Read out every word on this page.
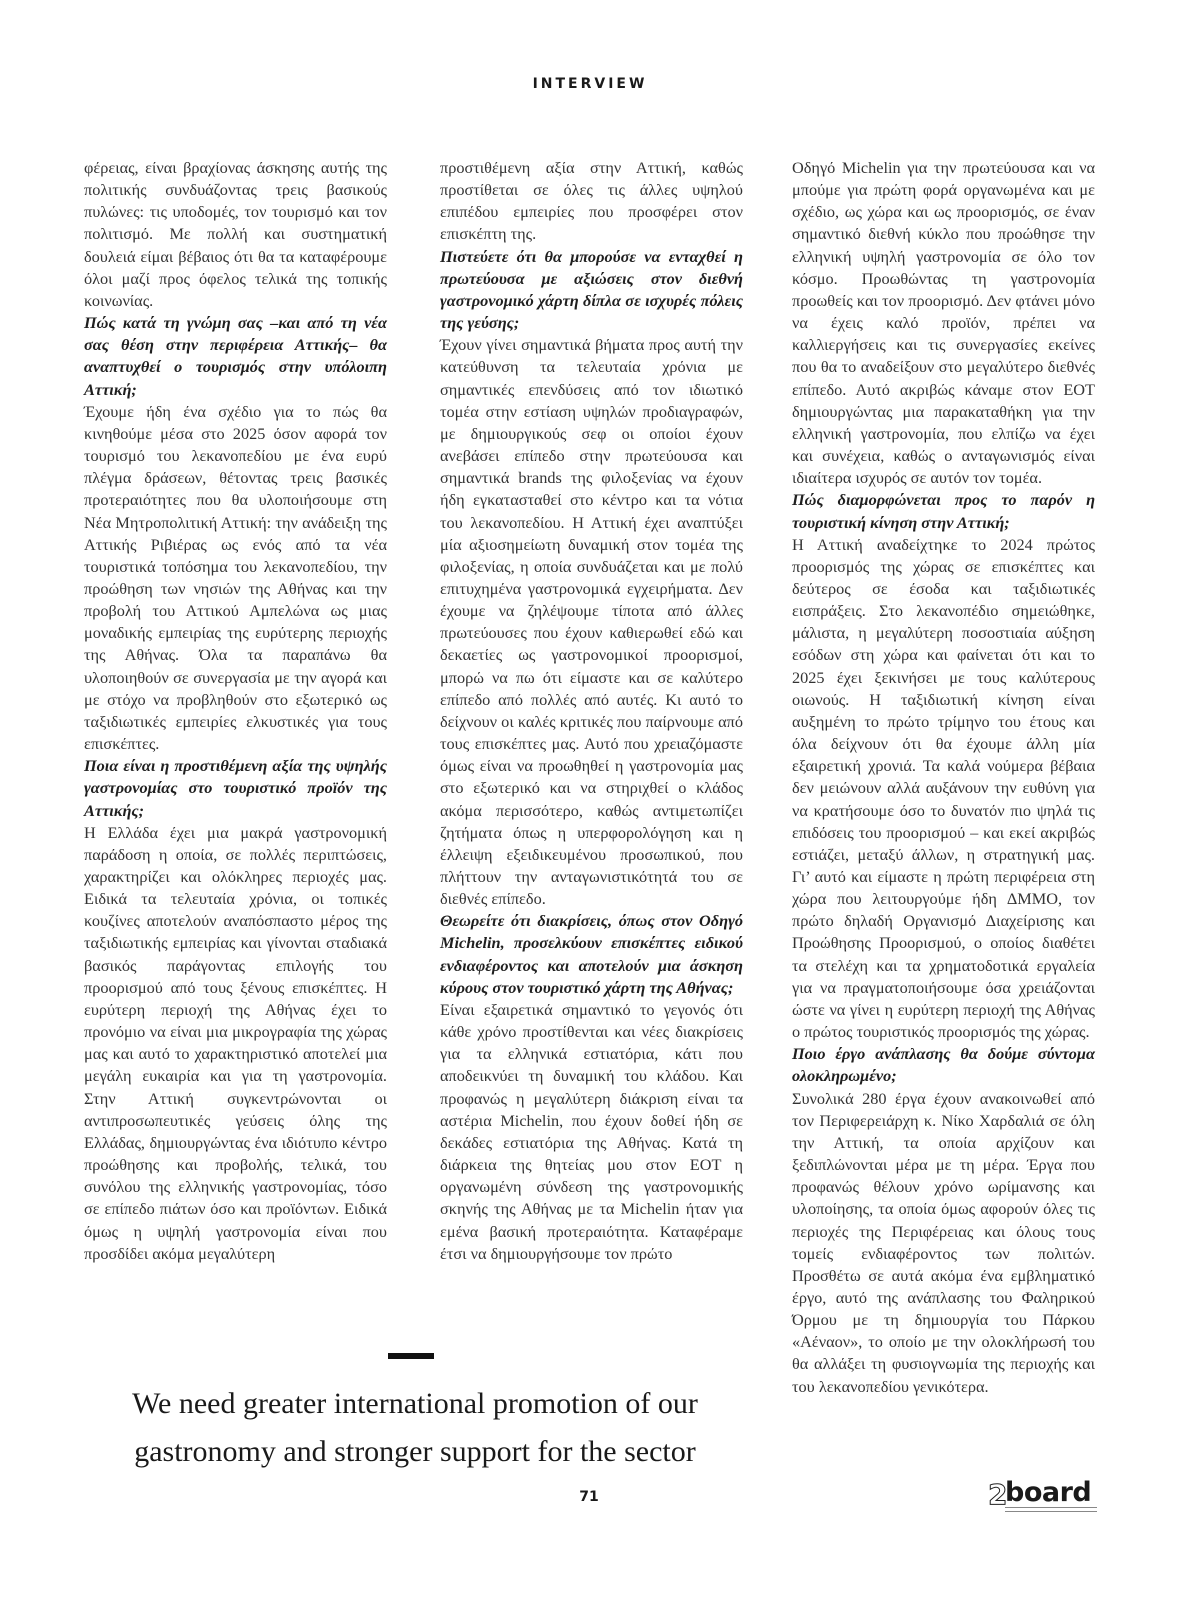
INTERVIEW

φέρειας, είναι βραχίονας άσκησης αυτής της πολιτικής συνδυάζοντας τρεις βασικούς πυλώνες: τις υποδομές, τον τουρισμό και τον πολιτισμό. Με πολλή και συστηματική δουλειά είμαι βέβαιος ότι θα τα καταφέρουμε όλοι μαζί προς όφελος τελικά της τοπικής κοινωνίας.

Πώς κατά τη γνώμη σας –και από τη νέα σας θέση στην περιφέρεια Αττικής– θα αναπτυχθεί ο τουρισμός στην υπόλοιπη Αττική;

Έχουμε ήδη ένα σχέδιο για το πώς θα κινηθούμε μέσα στο 2025 όσον αφορά τον τουρισμό του λεκανοπεδίου με ένα ευρύ πλέγμα δράσεων, θέτοντας τρεις βασικές προτεραιότητες που θα υλοποιήσουμε στη Νέα Μητροπολιτική Αττική: την ανάδειξη της Αττικής Ριβιέρας ως ενός από τα νέα τουριστικά τοπόσημα του λεκανοπεδίου, την προώθηση των νησιών της Αθήνας και την προβολή του Αττικού Αμπελώνα ως μιας μοναδικής εμπειρίας της ευρύτερης περιοχής της Αθήνας. Όλα τα παραπάνω θα υλοποιηθούν σε συνεργασία με την αγορά και με στόχο να προβληθούν στο εξωτερικό ως ταξιδιωτικές εμπειρίες ελκυστικές για τους επισκέπτες.

Ποια είναι η προστιθέμενη αξία της υψηλής γαστρονομίας στο τουριστικό προϊόν της Αττικής;

Η Ελλάδα έχει μια μακρά γαστρονομική παράδοση η οποία, σε πολλές περιπτώσεις, χαρακτηρίζει και ολόκληρες περιοχές μας. Ειδικά τα τελευταία χρόνια, οι τοπικές κουζίνες αποτελούν αναπόσπαστο μέρος της ταξιδιωτικής εμπειρίας και γίνονται σταδιακά βασικός παράγοντας επιλογής του προορισμού από τους ξένους επισκέπτες. Η ευρύτερη περιοχή της Αθήνας έχει το προνόμιο να είναι μια μικρογραφία της χώρας μας και αυτό το χαρακτηριστικό αποτελεί μια μεγάλη ευκαιρία και για τη γαστρονομία. Στην Αττική συγκεντρώνονται οι αντιπροσωπευτικές γεύσεις όλης της Ελλάδας, δημιουργώντας ένα ιδιότυπο κέντρο προώθησης και προβολής, τελικά, του συνόλου της ελληνικής γαστρονομίας, τόσο σε επίπεδο πιάτων όσο και προϊόντων. Ειδικά όμως η υψηλή γαστρονομία είναι που προσδίδει ακόμα μεγαλύτερη

προστιθέμενη αξία στην Αττική, καθώς προστίθεται σε όλες τις άλλες υψηλού επιπέδου εμπειρίες που προσφέρει στον επισκέπτη της.

Πιστεύετε ότι θα μπορούσε να ενταχθεί η πρωτεύουσα με αξιώσεις στον διεθνή γαστρονομικό χάρτη δίπλα σε ισχυρές πόλεις της γεύσης;

Έχουν γίνει σημαντικά βήματα προς αυτή την κατεύθυνση τα τελευταία χρόνια με σημαντικές επενδύσεις από τον ιδιωτικό τομέα στην εστίαση υψηλών προδιαγραφών, με δημιουργικούς σεφ οι οποίοι έχουν ανεβάσει επίπεδο στην πρωτεύουσα και σημαντικά brands της φιλοξενίας να έχουν ήδη εγκατασταθεί στο κέντρο και τα νότια του λεκανοπεδίου. Η Αττική έχει αναπτύξει μία αξιοσημείωτη δυναμική στον τομέα της φιλοξενίας, η οποία συνδυάζεται και με πολύ επιτυχημένα γαστρονομικά εγχειρήματα. Δεν έχουμε να ζηλέψουμε τίποτα από άλλες πρωτεύουσες που έχουν καθιερωθεί εδώ και δεκαετίες ως γαστρονομικοί προορισμοί, μπορώ να πω ότι είμαστε και σε καλύτερο επίπεδο από πολλές από αυτές. Κι αυτό το δείχνουν οι καλές κριτικές που παίρνουμε από τους επισκέπτες μας. Αυτό που χρειαζόμαστε όμως είναι να προωθηθεί η γαστρονομία μας στο εξωτερικό και να στηριχθεί ο κλάδος ακόμα περισσότερο, καθώς αντιμετωπίζει ζητήματα όπως η υπερφορολόγηση και η έλλειψη εξειδικευμένου προσωπικού, που πλήττουν την ανταγωνιστικότητά του σε διεθνές επίπεδο.

Θεωρείτε ότι διακρίσεις, όπως στον Οδηγό Michelin, προσελκύουν επισκέπτες ειδικού ενδιαφέροντος και αποτελούν μια άσκηση κύρους στον τουριστικό χάρτη της Αθήνας;

Είναι εξαιρετικά σημαντικό το γεγονός ότι κάθε χρόνο προστίθενται και νέες διακρίσεις για τα ελληνικά εστιατόρια, κάτι που αποδεικνύει τη δυναμική του κλάδου. Και προφανώς η μεγαλύτερη διάκριση είναι τα αστέρια Michelin, που έχουν δοθεί ήδη σε δεκάδες εστιατόρια της Αθήνας. Κατά τη διάρκεια της θητείας μου στον ΕΟΤ η οργανωμένη σύνδεση της γαστρονομικής σκηνής της Αθήνας με τα Michelin ήταν για εμένα βασική προτεραιότητα. Καταφέραμε έτσι να δημιουργήσουμε τον πρώτο

Οδηγό Michelin για την πρωτεύουσα και να μπούμε για πρώτη φορά οργανωμένα και με σχέδιο, ως χώρα και ως προορισμός, σε έναν σημαντικό διεθνή κύκλο που προώθησε την ελληνική υψηλή γαστρονομία σε όλο τον κόσμο. Προωθώντας τη γαστρονομία προωθείς και τον προορισμό. Δεν φτάνει μόνο να έχεις καλό προϊόν, πρέπει να καλλιεργήσεις και τις συνεργασίες εκείνες που θα το αναδείξουν στο μεγαλύτερο διεθνές επίπεδο. Αυτό ακριβώς κάναμε στον ΕΟΤ δημιουργώντας μια παρακαταθήκη για την ελληνική γαστρονομία, που ελπίζω να έχει και συνέχεια, καθώς ο ανταγωνισμός είναι ιδιαίτερα ισχυρός σε αυτόν τον τομέα.

Πώς διαμορφώνεται προς το παρόν η τουριστική κίνηση στην Αττική;

Η Αττική αναδείχτηκε το 2024 πρώτος προορισμός της χώρας σε επισκέπτες και δεύτερος σε έσοδα και ταξιδιωτικές εισπράξεις. Στο λεκανοπέδιο σημειώθηκε, μάλιστα, η μεγαλύτερη ποσοστιαία αύξηση εσόδων στη χώρα και φαίνεται ότι και το 2025 έχει ξεκινήσει με τους καλύτερους οιωνούς. Η ταξιδιωτική κίνηση είναι αυξημένη το πρώτο τρίμηνο του έτους και όλα δείχνουν ότι θα έχουμε άλλη μία εξαιρετική χρονιά. Τα καλά νούμερα βέβαια δεν μειώνουν αλλά αυξάνουν την ευθύνη για να κρατήσουμε όσο το δυνατόν πιο ψηλά τις επιδόσεις του προορισμού – και εκεί ακριβώς εστιάζει, μεταξύ άλλων, η στρατηγική μας. Γι’ αυτό και είμαστε η πρώτη περιφέρεια στη χώρα που λειτουργούμε ήδη ΔΜΜΟ, τον πρώτο δηλαδή Οργανισμό Διαχείρισης και Προώθησης Προορισμού, ο οποίος διαθέτει τα στελέχη και τα χρηματοδοτικά εργαλεία για να πραγματοποιήσουμε όσα χρειάζονται ώστε να γίνει η ευρύτερη περιοχή της Αθήνας ο πρώτος τουριστικός προορισμός της χώρας.

Ποιο έργο ανάπλασης θα δούμε σύντομα ολοκληρωμένο;

Συνολικά 280 έργα έχουν ανακοινωθεί από τον Περιφερειάρχη κ. Νίκο Χαρδαλιά σε όλη την Αττική, τα οποία αρχίζουν και ξεδιπλώνονται μέρα με τη μέρα. Έργα που προφανώς θέλουν χρόνο ωρίμανσης και υλοποίησης, τα οποία όμως αφορούν όλες τις περιοχές της Περιφέρειας και όλους τους τομείς ενδιαφέροντος των πολιτών. Προσθέτω σε αυτά ακόμα ένα εμβληματικό έργο, αυτό της ανάπλασης του Φαληρικού Όρμου με τη δημιουργία του Πάρκου «Αέναον», το οποίο με την ολοκλήρωσή του θα αλλάξει τη φυσιογνωμία της περιοχής και του λεκανοπεδίου γενικότερα.

We need greater international promotion of our
gastronomy and stronger support for the sector
71	2
board
